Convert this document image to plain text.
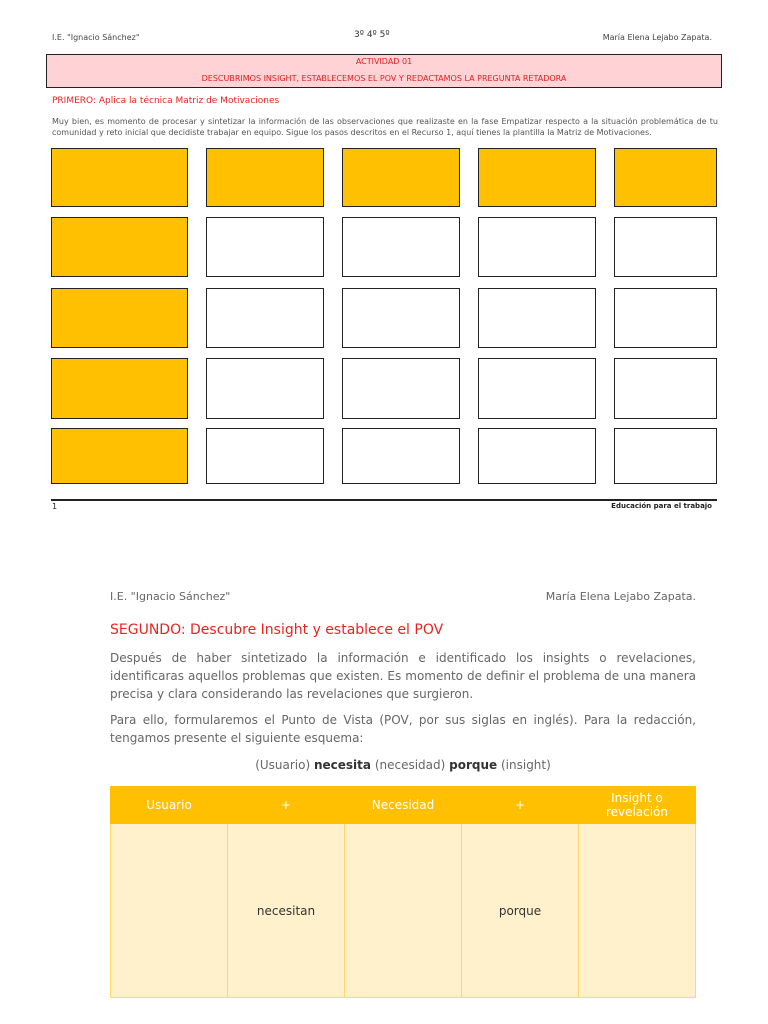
I.E. "Ignacio Sánchez"	3º 4º 5º	María Elena Lejabo Zapata.
ACTIVIDAD 01
DESCUBRIMOS INSIGHT, ESTABLECEMOS EL POV Y REDACTAMOS LA PREGUNTA RETADORA
PRIMERO: Aplica la técnica Matriz de Motivaciones
Muy bien, es momento de procesar y sintetizar la información de las observaciones que realizaste en la fase Empatizar respecto a la situación problemática de tu comunidad y reto inicial que decidiste trabajar en equipo. Sigue los pasos descritos en el Recurso 1, aquí tienes la plantilla la Matriz de Motivaciones.
1	Educación para el trabajo
I.E. "Ignacio Sánchez"	María Elena Lejabo Zapata.
SEGUNDO: Descubre Insight y establece el POV
Después de haber sintetizado la información e identificado los insights o revelaciones, identificaras aquellos problemas que existen. Es momento de definir el problema de una manera precisa y clara considerando las revelaciones que surgieron.
Para ello, formularemos el Punto de Vista (POV, por sus siglas en inglés). Para la redacción, tengamos presente el siguiente esquema:
(Usuario) necesita (necesidad) porque (insight)
Usuario	+	Necesidad	+	Insight o revelación
	necesitan		porque	
